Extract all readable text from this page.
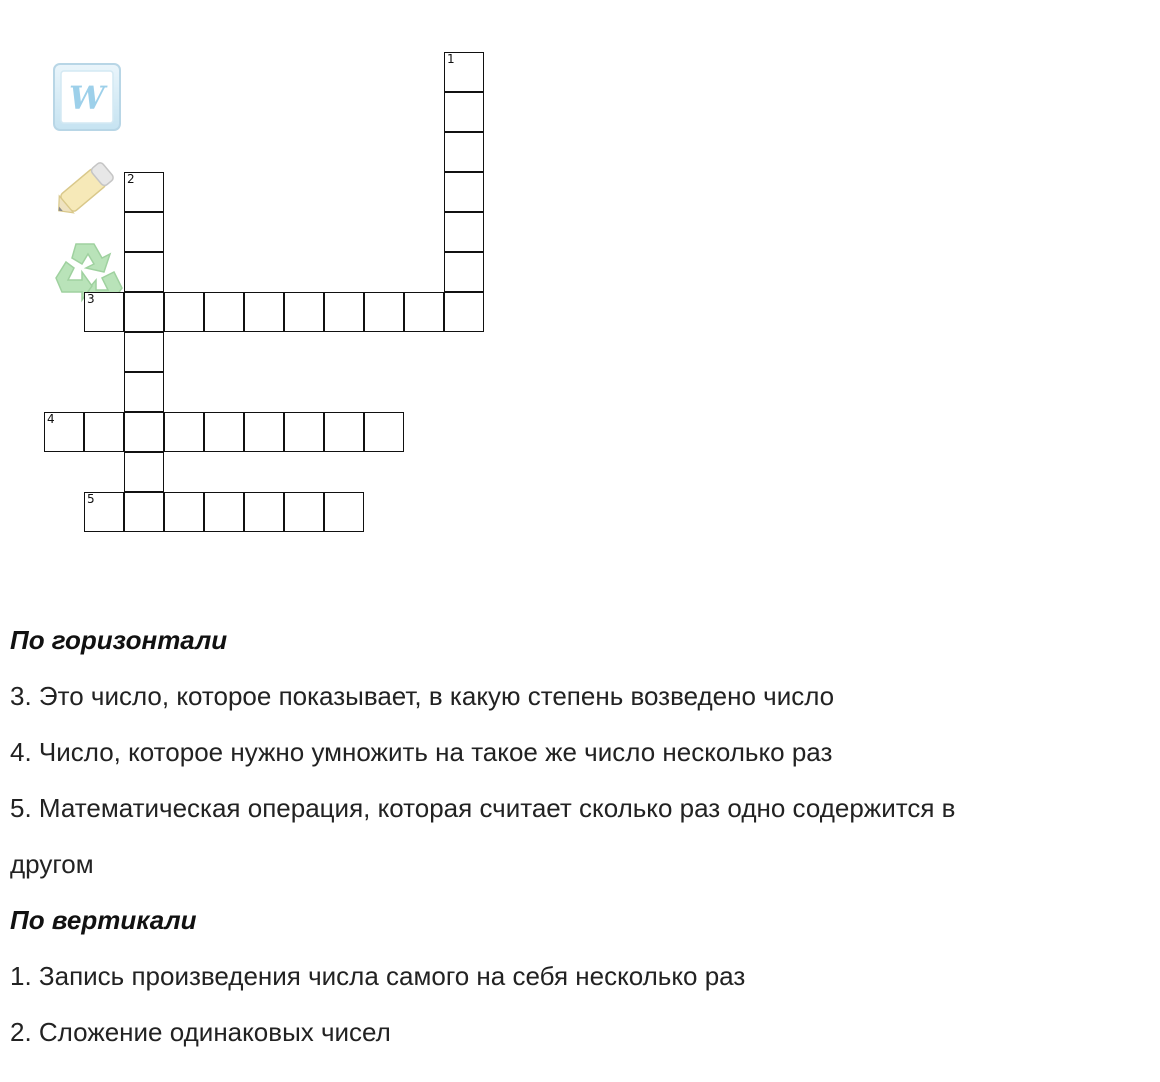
W
1
2
3
4
5
По горизонтали
3. Это число, которое показывает, в какую степень возведено число
4. Число, которое нужно умножить на такое же число несколько раз
5. Математическая операция, которая считает сколько раз одно содержится в
другом
По вертикали
1. Запись произведения числа самого на себя несколько раз
2. Сложение одинаковых чисел
